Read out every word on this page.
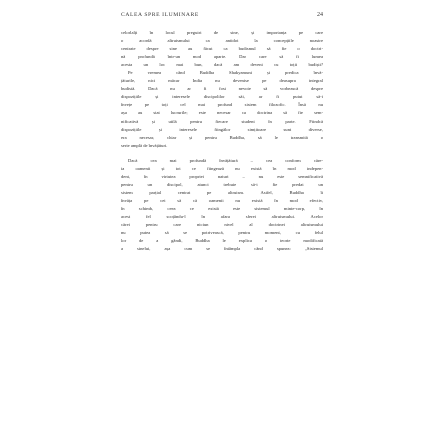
CALEA SPRE ILUMINARE	24
celorlalți în locul preguiri de sine, și importanța pe care
o acordă altruismului ca antidot la concepțiile noastre
centrate despre sine au făcut ca budismul să fie o doctri-
nă profundă într-un mod aparte. Dar care să fi lumea
acesta un loc mai bun, dacă am deveni cu toții budiști?
Pe vremea când Buddha Shakyamuni și predica învă-
țăturile, nici măcar India nu devenise pe deasupra integral
budistă. Dacă nu ar fi fost nevoie să vorbească despre
dispozițiile și interesele discipolilor săi, ar fi putut să-i
învețe pe toți cel mai profund sistem filozofic. Însă nu
așa au stat lucrurile; este necesar ca doctrina să fie sem-
nificativă și utilă pentru fiecare student în parte. Fiindcă
dispozițiile și interesele fiingălor simțitoare sunt diverse,
era necesar, chiar și pentru Buddha, să le transmită o
serie amplă de învățături.
Dacă cea mai profundă învățătură – cea conform căre-
ia oamenii și tot ce fiingează nu există în mod indepen-
dent, în virtutea propriei naturi – nu este semnificativă
pentru un discipol, atunci trebuie să-i fie predat un
sistem parțial centrat pe altruism. Astfel, Buddha îi
învăța pe cei să că oamenii nu există în mod efectiv,
în schimb, ceea ce există este sistemul minte-corp, în
acest fel scoțându-l în afara sferei altruismului. Acelor
cărei pentru care niciun nivel al doctrinei altruismului
nu putea să se potrivească, pentru moment, cu felul
lor de a gândi, Buddha le explica o teorie modificată
a sinelui, așa cum se întâmpla când spunea: „Sistemul
